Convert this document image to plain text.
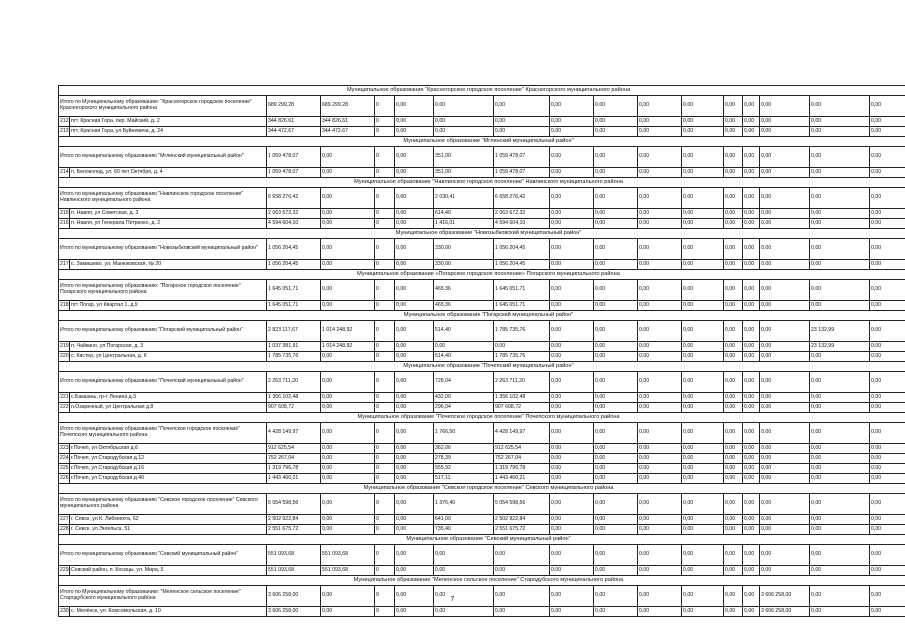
Муниципальное образование "Красногорское городское поселение" Красногорского муниципального района																
Итого по Муниципальному образованию: "Красногорское городское поселение" Красногорского муниципального района		689 299,28	689 299,28	0	0,00	0,00	0,00	0,00	0,00	0,00	0,00	0,00	0,00	0,00	0,00	0,00
212	пгт. Красная Гора, пер. Майский, д. 2	344 826,61	344 826,61	0	0,00	0,00	0,00	0,00	0,00	0,00	0,00	0,00	0,00	0,00	0,00	0,00
213	пгт. Красная Гора, ул Буйневича, д. 24	344 472,67	344 472,67	0	0,00	0,00	0,00	0,00	0,00	0,00	0,00	0,00	0,00	0,00	0,00	0,00
Муниципальное образование "Мглинский муниципальный район"																
Итого по муниципальному образованию "Мглинский муниципальный район"		1 059 478,07	0,00	0	0,00	351,00	1 059 478,07	0,00	0,00	0,00	0,00	0,00	0,00	0,00	0,00	0,00
214	п. Белоколод, ул. 60 лет Октября, д. 4	1 059 478,07	0,00	0	0,00	351,00	1 059 478,07	0,00	0,00	0,00	0,00	0,00	0,00	0,00	0,00	0,00
Муниципальное образование "Навлинское городское поселение" Навлинского муниципального района																
Итого по муниципальному образованию "Навлинское городское поселение" Навлинского муниципального района		6 658 276,42	0,00	0	0,00	2 030,41	6 658 276,42	0,00	0,00	0,00	0,00	0,00	0,00	0,00	0,00	0,00
215	п. Навля, ул Советская, д. 3	2 063 672,32	0,00	0	0,00	614,40	2 063 672,32	0,00	0,00	0,00	0,00	0,00	0,00	0,00	0,00	0,00
216	п. Навля, ул Генерала Петренко, д. 2	4 594 604,10	0,00	0	0,00	1 416,01	4 594 604,10	0,00	0,00	0,00	0,00	0,00	0,00	0,00	0,00	0,00
Муниципальное образование "Новозыбковский муниципальный район"																
Итого по муниципальному образованию "Новозыбковский муниципальный район"		1 056 204,45	0,00	0	0,00	330,00	1 056 204,45	0,00	0,00	0,00	0,00	0,00	0,00	0,00	0,00	0,00
217	с. Замишево, ул. Манюковская, № 20	1 056 204,45	0,00	0	0,00	330,00	1 056 204,45	0,00	0,00	0,00	0,00	0,00	0,00	0,00	0,00	0,00
Муниципальное образование «Погарское городское поселение» Погарского муниципального района																
Итого по муниципальному образованию: "Погарское городское поселение" Погарского муниципального района		1 645 051,71	0,00	0	0,00	465,36	1 645 051,71	0,00	0,00	0,00	0,00	0,00	0,00	0,00	0,00	0,00
218	пгт Погар, ул Квартал 1, д.9	1 645 051,71	0,00	0	0,00	465,36	1 645 051,71	0,00	0,00	0,00	0,00	0,00	0,00	0,00	0,00	0,00
Муниципальное образование "Погарский муниципальный район"																
Итого по муниципальному образованию "Погарский муниципальный район"		2 823 117,67	1 014 248,92	0	0,00	514,40	1 785 735,76	0,00	0,00	0,00	0,00	0,00	0,00	0,00	23 132,99	0,00
219	п. Чайкино, ул Погарская, д. 3	1 037 381,91	1 014 248,92	0	0,00	0,00	0,00	0,00	0,00	0,00	0,00	0,00	0,00	0,00	23 132,99	0,00
220	с. Кистер, ул Центральная, д. 6	1 785 735,76	0,00	0	0,00	514,40	1 785 735,76	0,00	0,00	0,00	0,00	0,00	0,00	0,00	0,00	0,00
Муниципальное образование "Почепский муниципальный район"																
Итого по муниципальному образованию "Почепский муниципальный район"		2 263 711,20	0,00	0	0,00	728,04	2 263 711,20	0,00	0,00	0,00	0,00	0,00	0,00	0,00	0,00	0,00
221	с.Бакшань, гр-т Ленина д.3	1 356 102,48	0,00	0	0,00	432,00	1 356 102,48	0,00	0,00	0,00	0,00	0,00	0,00	0,00	0,00	0,00
222	п.Озаренный, ул Центральная д.8	907 608,72	0,00	0	0,00	296,04	907 608,72	0,00	0,00	0,00	0,00	0,00	0,00	0,00	0,00	0,00
Муниципальное образование "Почепское городское поселение" Почепского муниципального района																
Итого по муниципальному образованию "Почепское городское поселение" Почепского муниципального района		4 428 149,97	0,00	0	0,00	1 766,50	4 428 149,97	0,00	0,00	0,00	0,00	0,00	0,00	0,00	0,00	0,00
223	г.Почеп, ул Октябрьская д.6	912 625,54	0,00	0	0,00	362,06	912 625,54	0,00	0,00	0,00	0,00	0,00	0,00	0,00	0,00	0,00
224	г.Почеп, ул Стародубская д.12	752 267,04	0,00	0	0,00	278,39	752 267,04	0,00	0,00	0,00	0,00	0,00	0,00	0,00	0,00	0,00
225	г.Почеп, ул Стародубская д.16	1 319 796,78	0,00	0	0,00	555,92	1 319 796,78	0,00	0,00	0,00	0,00	0,00	0,00	0,00	0,00	0,00
226	г.Почеп, ул Стародубская д.40	1 443 460,21	0,00	0	0,00	517,11	1 443 460,21	0,00	0,00	0,00	0,00	0,00	0,00	0,00	0,00	0,00
Муниципальное образование "Севское городское поселение" Севского муниципального района																
Итого по муниципальному образованию "Севское городское поселение" Севского муниципального района		5 054 598,56	0,00	0	0,00	1 376,40	5 054 598,56	0,00	0,00	0,00	0,00	0,00	0,00	0,00	0,00	0,00
227	г. Севск, ул К. Либкнехта, 62	2 502 922,84	0,00	0	0,00	641,00	2 502 922,84	0,00	0,00	0,00	0,00	0,00	0,00	0,00	0,00	0,00
228	г. Севск, ул Энгельса, 51	2 551 675,72	0,00	0	0,00	735,40	2 551 675,72	0,00	0,00	0,00	0,00	0,00	0,00	0,00	0,00	0,00
Муниципальное образование "Севский муниципальный район"																
Итого по муниципальному образованию "Севский муниципальный район"		551 093,68	551 093,68	0	0,00	0,00	0,00	0,00	0,00	0,00	0,00	0,00	0,00	0,00	0,00	0,00
229	Севский район, п. Косицы, ул. Мира, 5	551 093,68	551 093,68	0	0,00	0,00	0,00	0,00	0,00	0,00	0,00	0,00	0,00	0,00	0,00	0,00
Муниципальное образование "Меленское сельское поселение" Стародубского муниципального района																
Итого по Муниципальному образованию: "Меленское сельское поселение" Стародубского муниципального района		3 606 258,00	0,00	0	0,00	0,00	0,00	0,00	0,00	0,00	0,00	0,00	0,00	3 606 258,00	0,00	0,00
230	с. Мелёнск, ул. Комсомольская, д. 10	3 606 258,00	0,00	0	0,00	0,00	0,00	0,00	0,00	0,00	0,00	0,00	0,00	3 606 258,00	0,00	0,00
7
